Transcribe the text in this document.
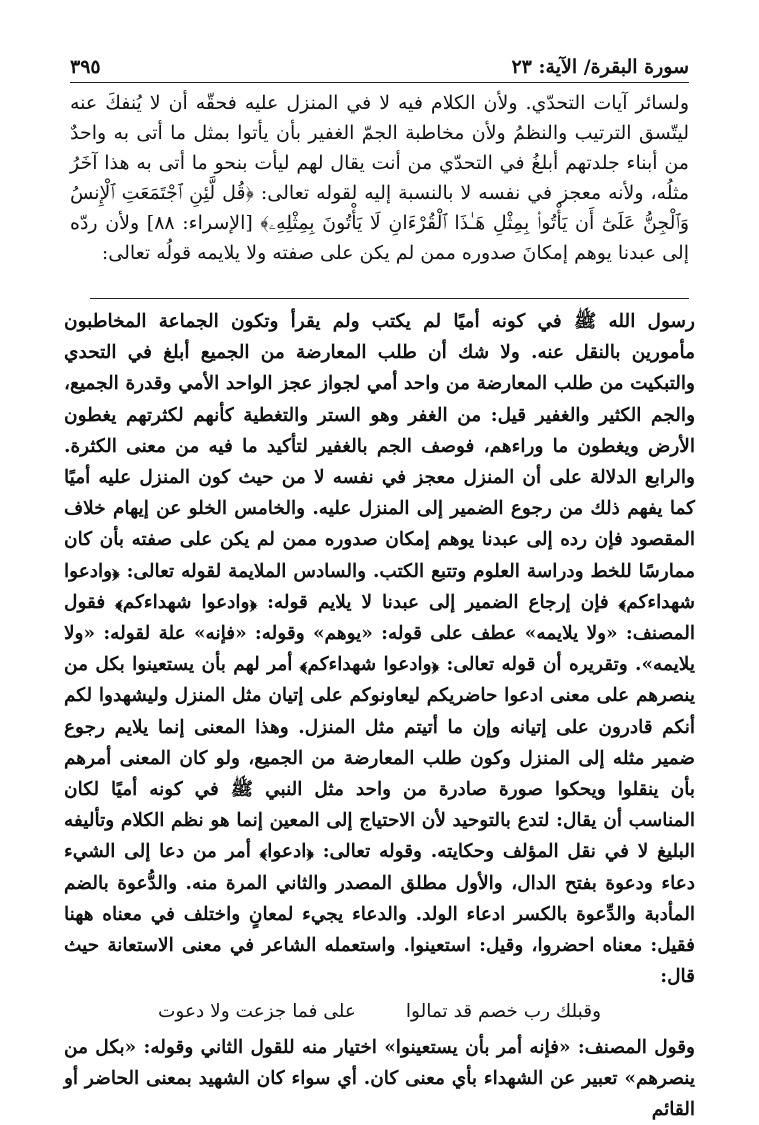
سورة البقرة/ الآية: ٢٣
٣٩٥

ولسائر آيات التحدّي. ولأن الكلام فيه لا في المنزل عليه فحقّه أن لا يُنفكَ عنه ليتّسق الترتيب والنظمُ ولأن مخاطبة الجمّ الغفير بأن يأتوا بمثل ما أتى به واحدٌ من أبناء جلدتهم أبلغُ في التحدّي من أنت يقال لهم ليأت بنحو ما أتى به هذا آخَرُ مثلُه، ولأنه معجز في نفسه لا بالنسبة إليه لقوله تعالى: ﴿قُل لَّئِنِ ٱجْتَمَعَتِ ٱلْإِنسُ وَٱلْجِنُّ عَلَىٰٓ أَن يَأْتُوا۟ بِمِثْلِ هَـٰذَا ٱلْقُرْءَانِ لَا يَأْتُونَ بِمِثْلِهِۦ﴾ [الإسراء: ٨٨] ولأن ردّه إلى عبدنا يوهم إمكانَ صدوره ممن لم يكن على صفته ولا يلايمه قولُه تعالى:

رسول الله ﷺ في كونه أميًا لم يكتب ولم يقرأ وتكون الجماعة المخاطبون مأمورين بالنقل عنه. ولا شك أن طلب المعارضة من الجميع أبلغ في التحدي والتبكيت من طلب المعارضة من واحد أمي لجواز عجز الواحد الأمي وقدرة الجميع، والجم الكثير والغفير قيل: من الغفر وهو الستر والتغطية كأنهم لكثرتهم يغطون الأرض ويغطون ما وراءهم، فوصف الجم بالغفير لتأكيد ما فيه من معنى الكثرة. والرابع الدلالة على أن المنزل معجز في نفسه لا من حيث كون المنزل عليه أميًا كما يفهم ذلك من رجوع الضمير إلى المنزل عليه. والخامس الخلو عن إيهام خلاف المقصود فإن رده إلى عبدنا يوهم إمكان صدوره ممن لم يكن على صفته بأن كان ممارسًا للخط ودراسة العلوم وتتبع الكتب. والسادس الملايمة لقوله تعالى: ﴿وادعوا شهداءكم﴾ فإن إرجاع الضمير إلى عبدنا لا يلايم قوله: ﴿وادعوا شهداءكم﴾ فقول المصنف: «ولا يلايمه» عطف على قوله: «يوهم» وقوله: «فإنه» علة لقوله: «ولا يلايمه». وتقريره أن قوله تعالى: ﴿وادعوا شهداءكم﴾ أمر لهم بأن يستعينوا بكل من ينصرهم على معنى ادعوا حاضريكم ليعاونوكم على إتيان مثل المنزل وليشهدوا لكم أنكم قادرون على إتيانه وإن ما أتيتم مثل المنزل. وهذا المعنى إنما يلايم رجوع ضمير مثله إلى المنزل وكون طلب المعارضة من الجميع، ولو كان المعنى أمرهم بأن ينقلوا ويحكوا صورة صادرة من واحد مثل النبي ﷺ في كونه أميًا لكان المناسب أن يقال: لتدع بالتوحيد لأن الاحتياج إلى المعين إنما هو نظم الكلام وتأليفه البليغ لا في نقل المؤلف وحكايته. وقوله تعالى: ﴿ادعوا﴾ أمر من دعا إلى الشيء دعاء ودعوة بفتح الدال، والأول مطلق المصدر والثاني المرة منه. والدُّعوة بالضم المأدبة والدِّعوة بالكسر ادعاء الولد. والدعاء يجيء لمعانٍ واختلف في معناه ههنا فقيل: معناه احضروا، وقيل: استعينوا. واستعمله الشاعر في معنى الاستعانة حيث قال:

وقبلك رب خصم قد تمالوا
على فما جزعت ولا دعوت

وقول المصنف: «فإنه أمر بأن يستعينوا» اختيار منه للقول الثاني وقوله: «بكل من ينصرهم» تعبير عن الشهداء بأي معنى كان. أي سواء كان الشهيد بمعنى الحاضر أو القائم
